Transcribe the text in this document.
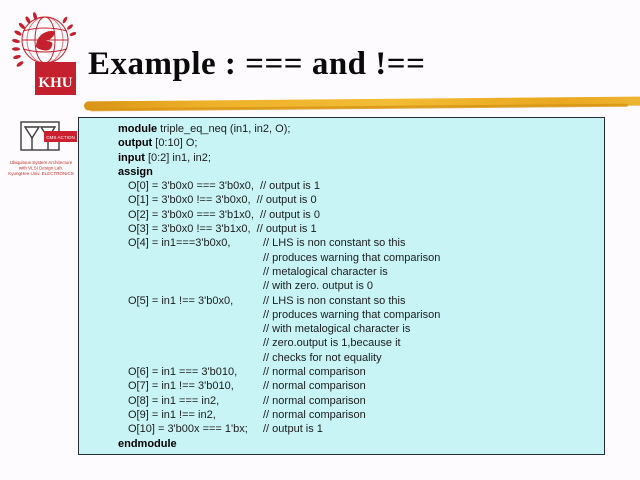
KHU
CMS ACTION
Ubiquitous System Architecture
with VLSI Design Lab.
KyungHee Univ. ELECTRONICS
Example : === and !==
module triple_eq_neq (in1, in2, O);
output [0:10] O;
input [0:2] in1, in2;
assign
O[0] = 3'b0x0 === 3'b0x0,  // output is 1
O[1] = 3'b0x0 !== 3'b0x0,  // output is 0
O[2] = 3'b0x0 === 3'b1x0,  // output is 0
O[3] = 3'b0x0 !== 3'b1x0,  // output is 1
O[4] = in1===3'b0x0,	// LHS is non constant so this
// produces warning that comparison
// metalogical character is
// with zero. output is 0
O[5] = in1 !== 3'b0x0,	// LHS is non constant so this
// produces warning that comparison
// with metalogical character is
// zero.output is 1,because it
// checks for not equality
O[6] = in1 === 3'b010, // normal comparison
O[7] = in1 !== 3'b010,	// normal comparison
O[8] = in1 === in2,	// normal comparison
O[9] = in1 !== in2,	// normal comparison
O[10] = 3'b00x === 1'bx; // output is 1
endmodule
